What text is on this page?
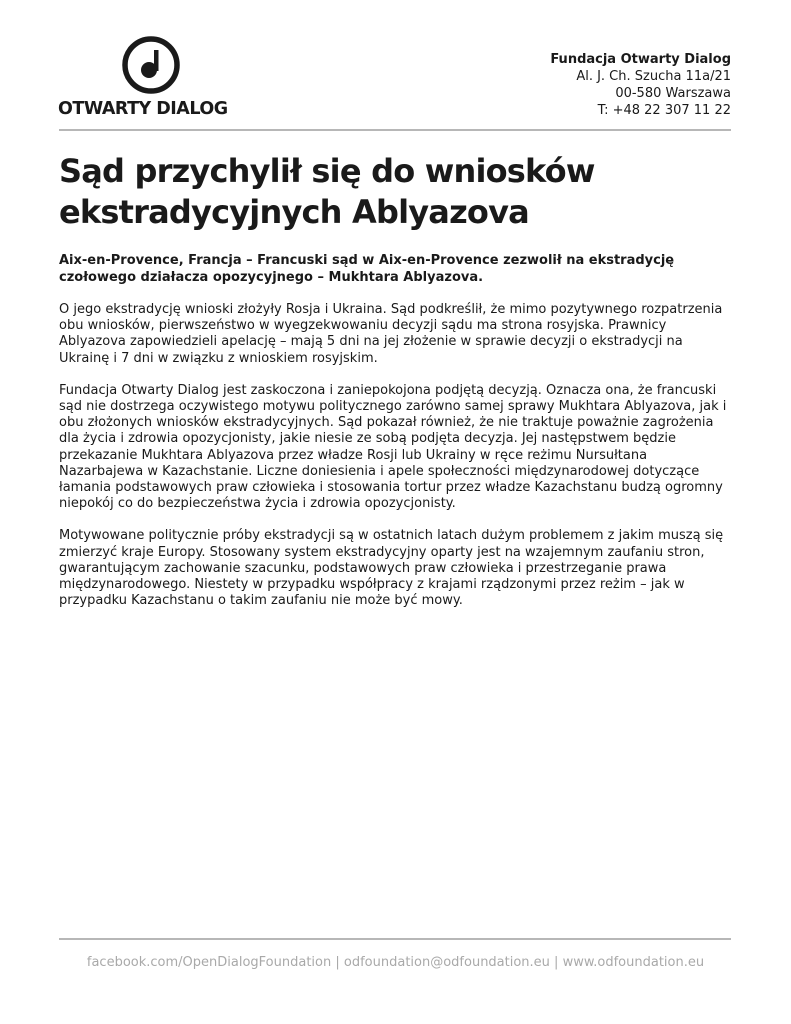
OTWARTY DIALOG
Fundacja Otwarty Dialog
Al. J. Ch. Szucha 11a/21
00-580 Warszawa
T: +48 22 307 11 22
Sąd przychylił się do wniosków ekstradycyjnych Ablyazova

Aix-en-Provence, Francja – Francuski sąd w Aix-en-Provence zezwolił na ekstradycję czołowego działacza opozycyjnego – Mukhtara Ablyazova.

O jego ekstradycję wnioski złożyły Rosja i Ukraina. Sąd podkreślił, że mimo pozytywnego rozpatrzenia obu wniosków, pierwszeństwo w wyegzekwowaniu decyzji sądu ma strona rosyjska. Prawnicy Ablyazova zapowiedzieli apelację – mają 5 dni na jej złożenie w sprawie decyzji o ekstradycji na Ukrainę i 7 dni w związku z wnioskiem rosyjskim.

Fundacja Otwarty Dialog jest zaskoczona i zaniepokojona podjętą decyzją. Oznacza ona, że francuski sąd nie dostrzega oczywistego motywu politycznego zarówno samej sprawy Mukhtara Ablyazova, jak i obu złożonych wniosków ekstradycyjnych. Sąd pokazał również, że nie traktuje poważnie zagrożenia dla życia i zdrowia opozycjonisty, jakie niesie ze sobą podjęta decyzja. Jej następstwem będzie przekazanie Mukhtara Ablyazova przez władze Rosji lub Ukrainy w ręce reżimu Nursułtana Nazarbajewa w Kazachstanie. Liczne doniesienia i apele społeczności międzynarodowej dotyczące łamania podstawowych praw człowieka i stosowania tortur przez władze Kazachstanu budzą ogromny niepokój co do bezpieczeństwa życia i zdrowia opozycjonisty.

Motywowane politycznie próby ekstradycji są w ostatnich latach dużym problemem z jakim muszą się zmierzyć kraje Europy. Stosowany system ekstradycyjny oparty jest na wzajemnym zaufaniu stron, gwarantującym zachowanie szacunku, podstawowych praw człowieka i przestrzeganie prawa międzynarodowego. Niestety w przypadku współpracy z krajami rządzonymi przez reżim – jak w przypadku Kazachstanu o takim zaufaniu nie może być mowy.

facebook.com/OpenDialogFoundation | odfoundation@odfoundation.eu | www.odfoundation.eu
